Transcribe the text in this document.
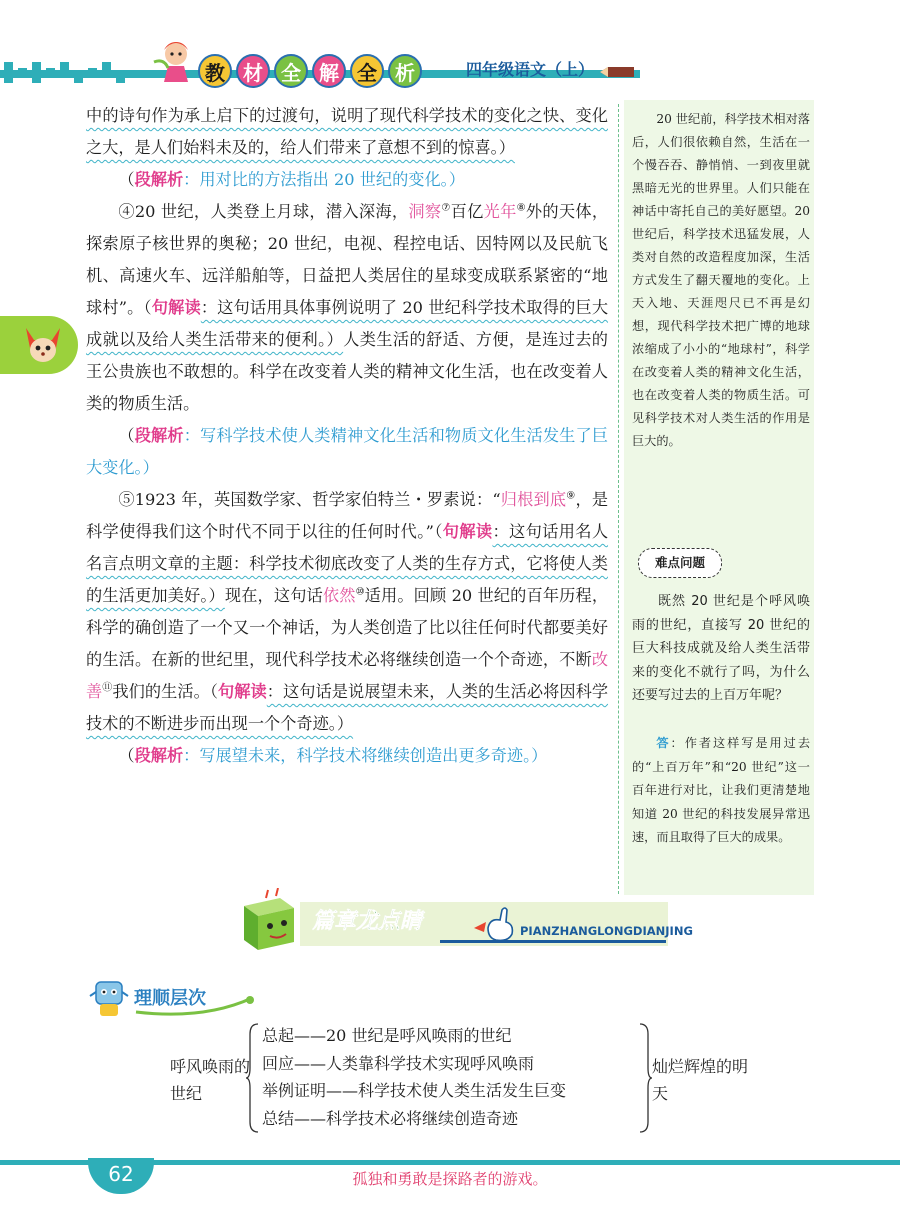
教 材 全 解 全 析	四年级语文（上）

中的诗句作为承上启下的过渡句，说明了现代科学技术的变化之快、变化之大，是人们始料未及的，给人们带来了意想不到的惊喜。）

（段解析：用对比的方法指出 20 世纪的变化。）

④20 世纪，人类登上月球，潜入深海，洞察⑦百亿光年⑧外的天体，探索原子核世界的奥秘；20 世纪，电视、程控电话、因特网以及民航飞机、高速火车、远洋船舶等，日益把人类居住的星球变成联系紧密的“地球村”。（句解读：这句话用具体事例说明了 20 世纪科学技术取得的巨大成就以及给人类生活带来的便利。）人类生活的舒适、方便，是连过去的王公贵族也不敢想的。科学在改变着人类的精神文化生活，也在改变着人类的物质生活。

（段解析：写科学技术使人类精神文化生活和物质文化生活发生了巨大变化。）

⑤1923 年，英国数学家、哲学家伯特兰・罗素说：“归根到底⑨，是科学使得我们这个时代不同于以往的任何时代。”（句解读：这句话用名人名言点明文章的主题：科学技术彻底改变了人类的生存方式，它将使人类的生活更加美好。）现在，这句话依然⑩适用。回顾 20 世纪的百年历程，科学的确创造了一个又一个神话，为人类创造了比以往任何时代都要美好的生活。在新的世纪里，现代科学技术必将继续创造一个个奇迹，不断改善⑪我们的生活。（句解读：这句话是说展望未来，人类的生活必将因科学技术的不断进步而出现一个个奇迹。）

（段解析：写展望未来，科学技术将继续创造出更多奇迹。）

20 世纪前，科学技术相对落后，人们很依赖自然，生活在一个慢吞吞、静悄悄、一到夜里就黑暗无光的世界里。人们只能在神话中寄托自己的美好愿望。20 世纪后，科学技术迅猛发展，人类对自然的改造程度加深，生活方式发生了翻天覆地的变化。上天入地、天涯咫尺已不再是幻想，现代科学技术把广博的地球浓缩成了小小的“地球村”，科学在改变着人类的精神文化生活，也在改变着人类的物质生活。可见科学技术对人类生活的作用是巨大的。

难点问题

既然 20 世纪是个呼风唤雨的世纪，直接写 20 世纪的巨大科技成就及给人类生活带来的变化不就行了吗，为什么还要写过去的上百万年呢？

答：作者这样写是用过去的“上百万年”和“20 世纪”这一百年进行对比，让我们更清楚地知道 20 世纪的科技发展异常迅速，而且取得了巨大的成果。

篇章龙点睛	PIANZHANGLONGDIANJING
理顺层次
呼风唤雨的世纪
总起——20 世纪是呼风唤雨的世纪
回应——人类靠科学技术实现呼风唤雨
举例证明——科学技术使人类生活发生巨变
总结——科学技术必将继续创造奇迹
灿烂辉煌的明天
62	孤独和勇敢是探路者的游戏。
